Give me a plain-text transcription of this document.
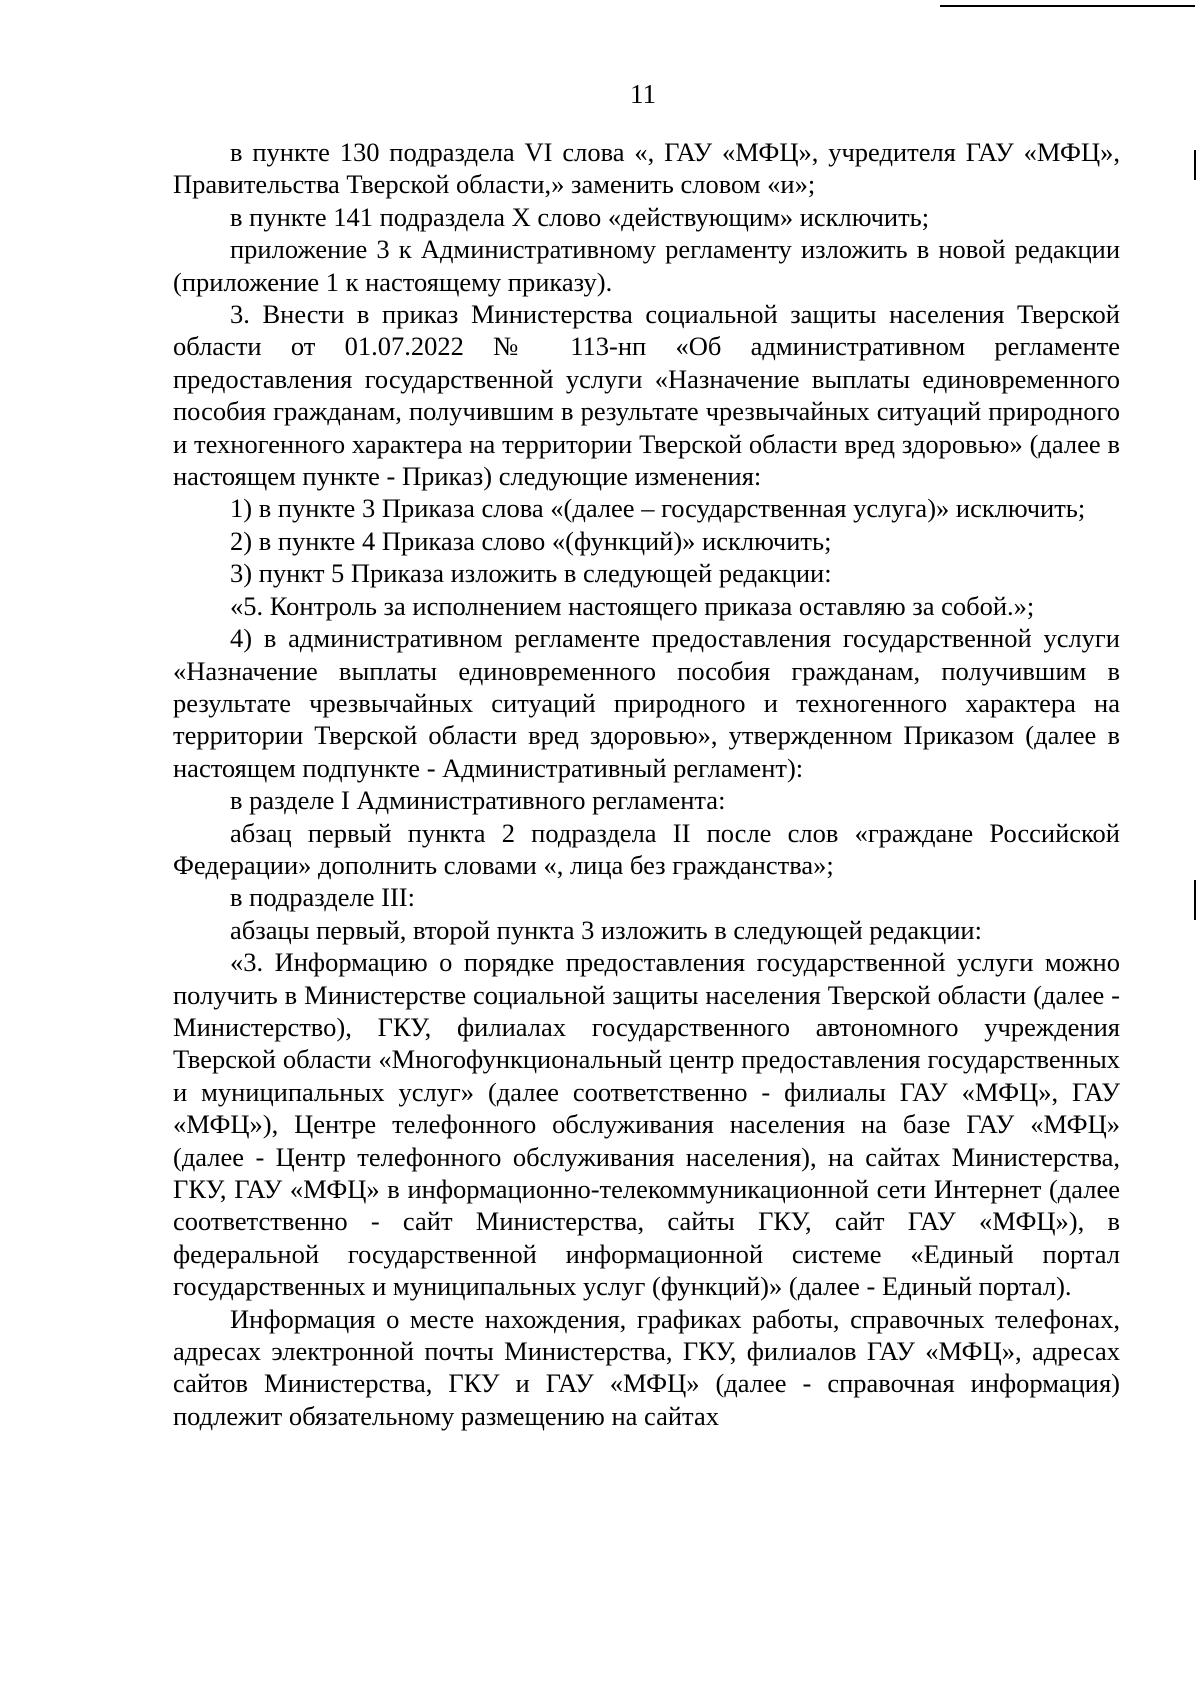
11

в пункте 130 подраздела VI слова «, ГАУ «МФЦ», учредителя ГАУ «МФЦ», Правительства Тверской области,» заменить словом «и»;

в пункте 141 подраздела Х слово «действующим» исключить;

приложение 3 к Административному регламенту изложить в новой редакции (приложение 1 к настоящему приказу).

3. Внести в приказ Министерства социальной защиты населения Тверской области от 01.07.2022 № 113-нп «Об административном регламенте предоставления государственной услуги «Назначение выплаты единовременного пособия гражданам, получившим в результате чрезвычайных ситуаций природного и техногенного характера на территории Тверской области вред здоровью» (далее в настоящем пункте - Приказ) следующие изменения:

1) в пункте 3 Приказа слова «(далее – государственная услуга)» исключить;

2) в пункте 4 Приказа слово «(функций)» исключить;

3) пункт 5 Приказа изложить в следующей редакции:

«5. Контроль за исполнением настоящего приказа оставляю за собой.»;

4) в административном регламенте предоставления государственной услуги «Назначение выплаты единовременного пособия гражданам, получившим в результате чрезвычайных ситуаций природного и техногенного характера на территории Тверской области вред здоровью», утвержденном Приказом (далее в настоящем подпункте - Административный регламент):

в разделе I Административного регламента:

абзац первый пункта 2 подраздела II после слов «граждане Российской Федерации» дополнить словами «, лица без гражданства»;

в подразделе III:

абзацы первый, второй пункта 3 изложить в следующей редакции:

«3. Информацию о порядке предоставления государственной услуги можно получить в Министерстве социальной защиты населения Тверской области (далее - Министерство), ГКУ, филиалах государственного автономного учреждения Тверской области «Многофункциональный центр предоставления государственных и муниципальных услуг» (далее соответственно - филиалы ГАУ «МФЦ», ГАУ «МФЦ»), Центре телефонного обслуживания населения на базе ГАУ «МФЦ» (далее - Центр телефонного обслуживания населения), на сайтах Министерства, ГКУ, ГАУ «МФЦ» в информационно-телекоммуникационной сети Интернет (далее соответственно - сайт Министерства, сайты ГКУ, сайт ГАУ «МФЦ»), в федеральной государственной информационной системе «Единый портал государственных и муниципальных услуг (функций)» (далее - Единый портал).

Информация о месте нахождения, графиках работы, справочных телефонах, адресах электронной почты Министерства, ГКУ, филиалов ГАУ «МФЦ», адресах сайтов Министерства, ГКУ и ГАУ «МФЦ» (далее - справочная информация) подлежит обязательному размещению на сайтах
